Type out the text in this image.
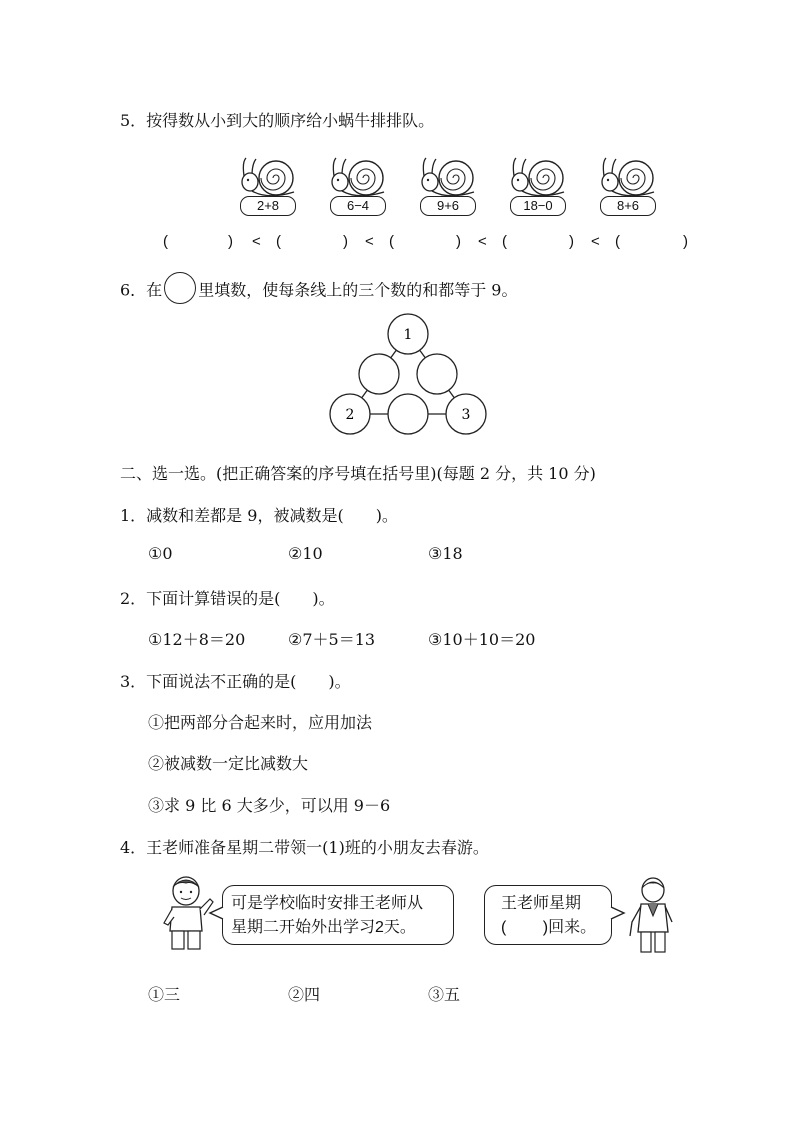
5．按得数从小到大的顺序给小蜗牛排排队。
2+8	6−4	9+6	18−0	8+6
(	)	(	)	(	)	(	)	(	)
<	<	<	<
6．在 里填数，使每条线上的三个数的和都等于 9。
1
2	3
二、选一选。(把正确答案的序号填在括号里)(每题 2 分，共 10 分)
1．减数和差都是 9，被减数是(　　)。
①0	②10	③18
2．下面计算错误的是(　　)。
①12＋8＝20	②7＋5＝13	③10＋10＝20
3．下面说法不正确的是(　　)。
①把两部分合起来时，应用加法
②被减数一定比减数大
③求 9 比 6 大多少，可以用 9－6
4．王老师准备星期二带领一(1)班的小朋友去春游。
可是学校临时安排王老师从
星期二开始外出学习2天。
王老师星期
(　　 )回来。
①三	②四	③五
